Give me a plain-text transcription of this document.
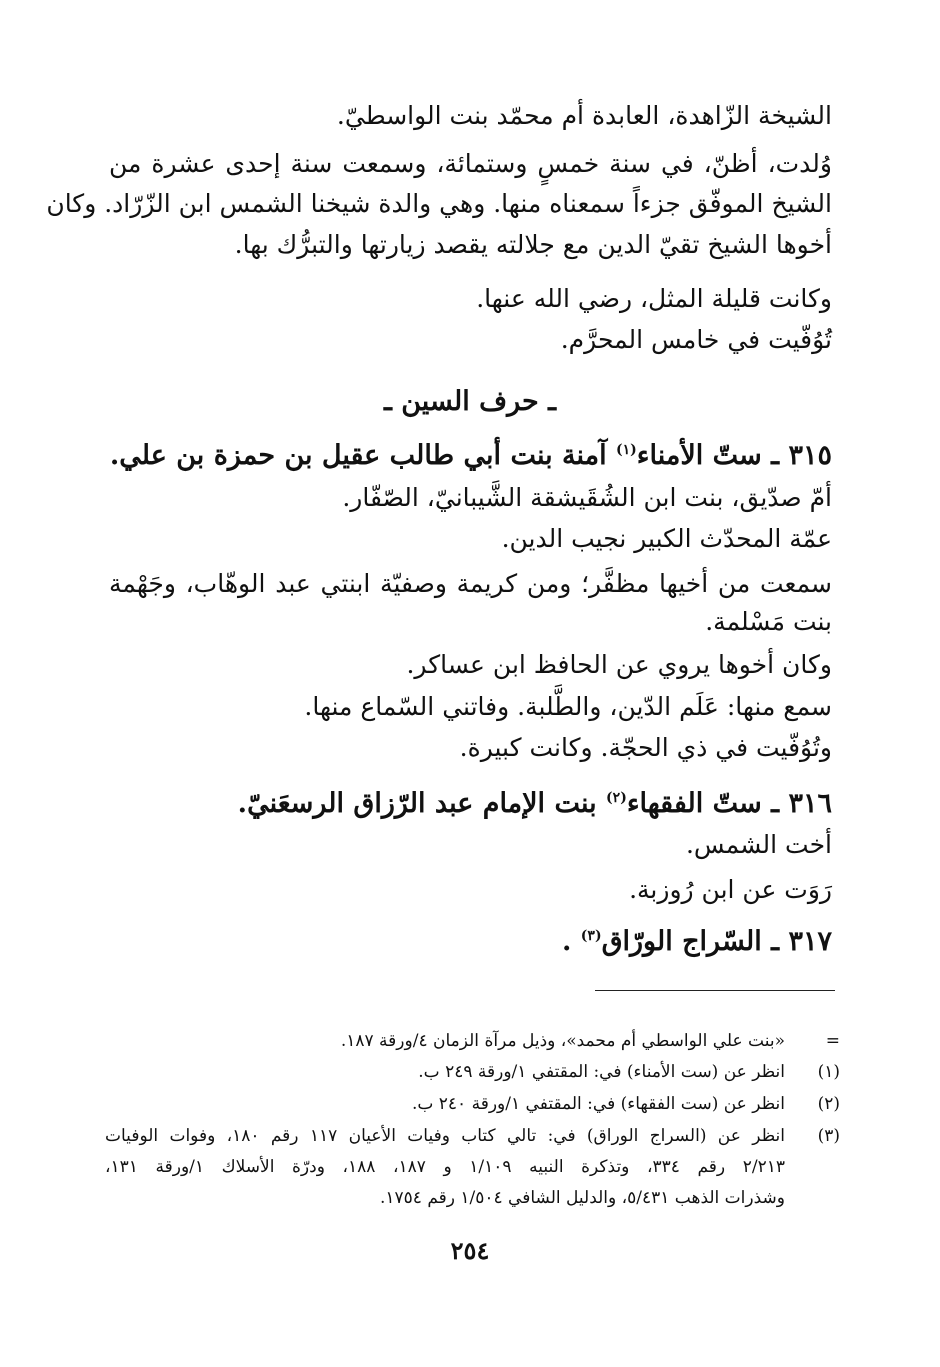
الشيخة الزّاهدة، العابدة أم محمّد بنت الواسطيّ.
وُلدت، أظنّ، في سنة خمسٍ وستمائة، وسمعت سنة إحدى عشرة من
الشيخ الموفّق جزءاً سمعناه منها. وهي والدة شيخنا الشمس ابن الزّرّاد. وكان
أخوها الشيخ تقيّ الدين مع جلالته يقصد زيارتها والتبرُّك بها.
وكانت قليلة المثل، رضي الله عنها.
تُوُفّيت في خامس المحرَّم.
ـ حرف السين ـ
٣١٥ ـ ستّ الأمناء$^{(١)}$ آمنة بنت أبي طالب عقيل بن حمزة بن علي.
أمّ صدّيق، بنت ابن الشُقَيشقة الشَّيبانيّ، الصّفّار.
عمّة المحدّث الكبير نجيب الدين.
سمعت من أخيها مظفَّر؛ ومن كريمة وصفيّة ابنتي عبد الوهّاب، وجَهْمة
بنت مَسْلمة.
وكان أخوها يروي عن الحافظ ابن عساكر.
سمع منها: عَلَم الدّين، والطَّلبة. وفاتني السّماع منها.
وتُوُفّيت في ذي الحجّة. وكانت كبيرة.
٣١٦ ـ ستّ الفقهاء$^{(٢)}$ بنت الإمام عبد الرّزاق الرسعَنيّ.
أخت الشمس.
رَوَت عن ابن رُوزبة.
٣١٧ ـ السّراج الورّاق$^{(٣)}$ .
=
«بنت علي الواسطي أم محمد»، وذيل مرآة الزمان ٤/ورقة ١٨٧.
(١)
انظر عن (ست الأمناء) في: المقتفي ١/ورقة ٢٤٩ ب.
(٢)
انظر عن (ست الفقهاء) في: المقتفي ١/ورقة ٢٤٠ ب.
(٣)
انظر عن (السراج الوراق) في: تالي كتاب وفيات الأعيان ١١٧ رقم ١٨٠، وفوات الوفيات
٢/٢١٣ رقم ٣٣٤، وتذكرة النبيه ١/١٠٩ و ١٨٧، ١٨٨، ودرّة الأسلاك ١/ورقة ١٣١،
وشذرات الذهب ٥/٤٣١، والدليل الشافي ١/٥٠٤ رقم ١٧٥٤.
٢٥٤
